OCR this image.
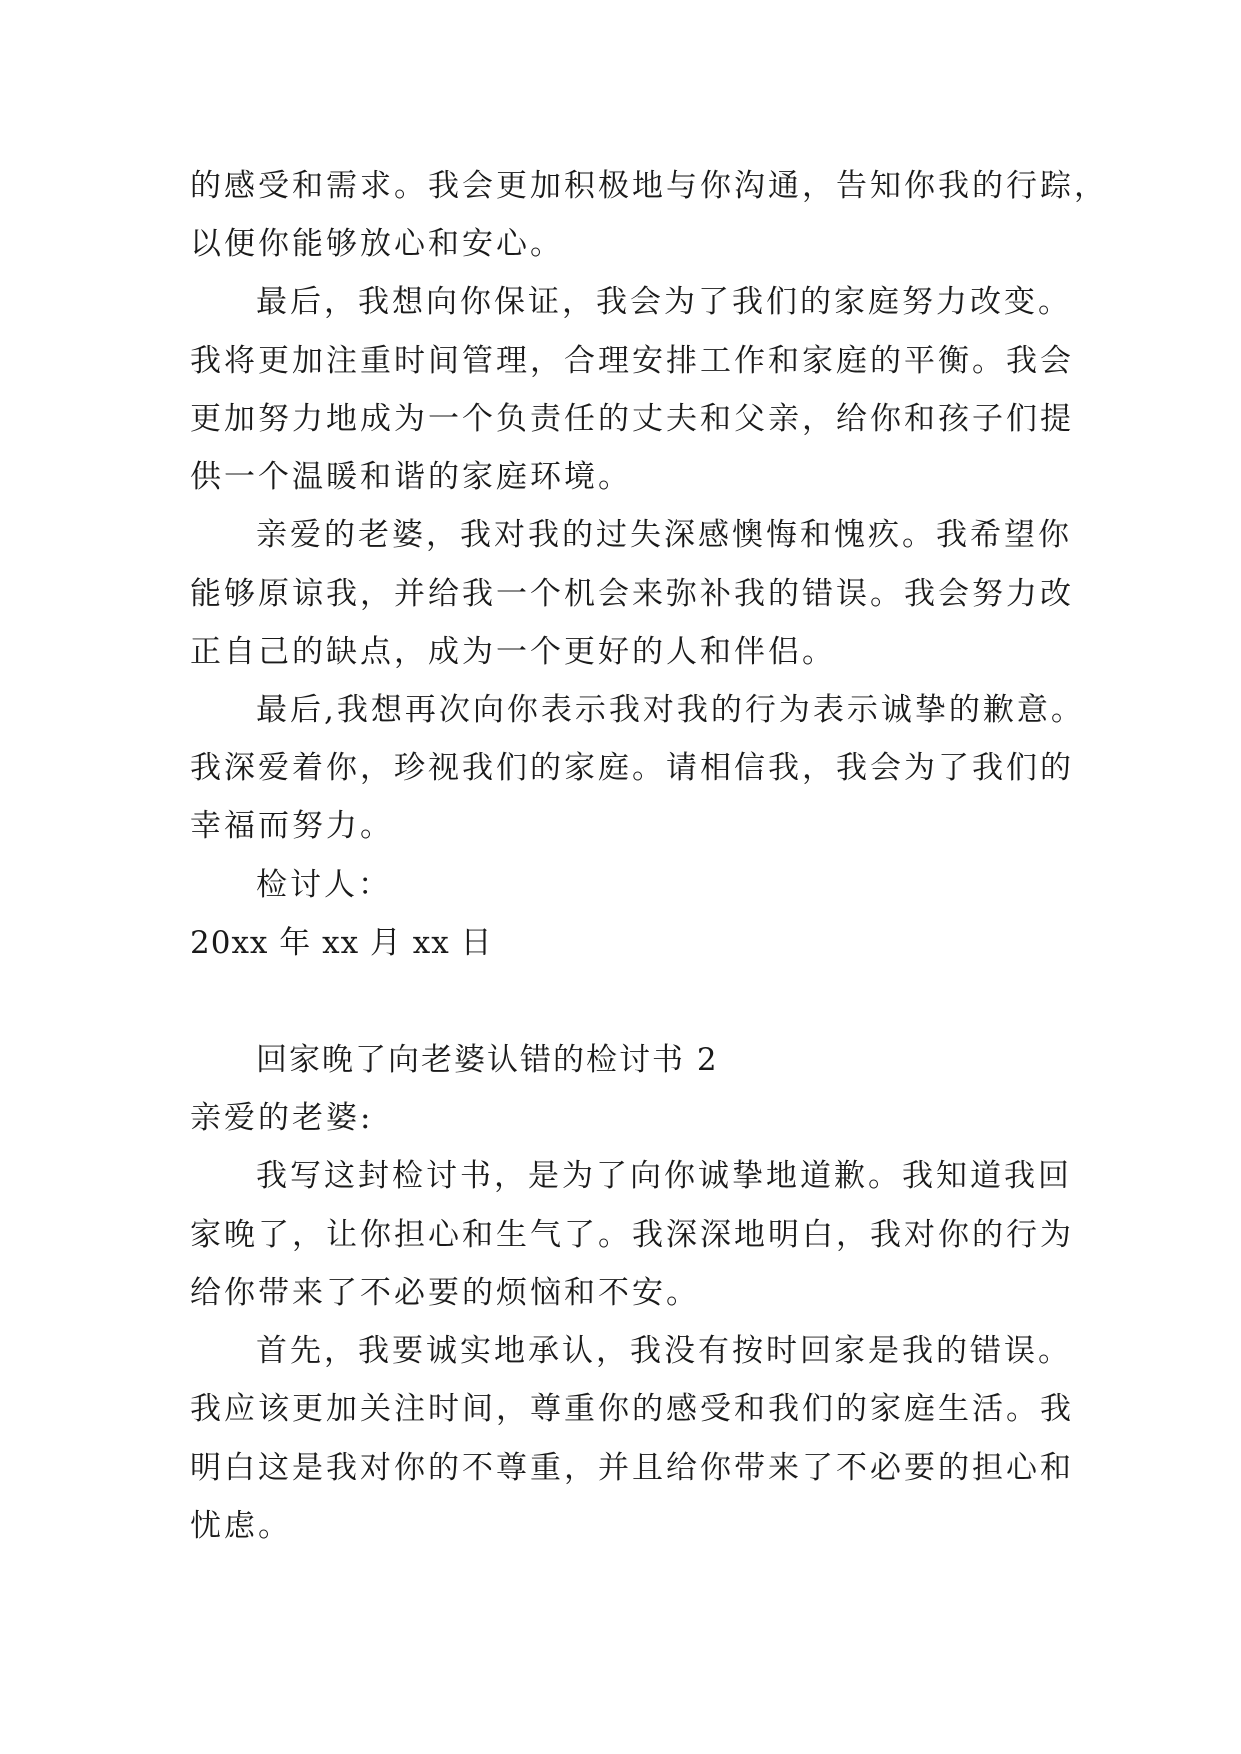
的感受和需求。我会更加积极地与你沟通，告知你我的行踪，
以便你能够放心和安心。
最后，我想向你保证，我会为了我们的家庭努力改变。
我将更加注重时间管理，合理安排工作和家庭的平衡。我会
更加努力地成为一个负责任的丈夫和父亲，给你和孩子们提
供一个温暖和谐的家庭环境。
亲爱的老婆，我对我的过失深感懊悔和愧疚。我希望你
能够原谅我，并给我一个机会来弥补我的错误。我会努力改
正自己的缺点，成为一个更好的人和伴侣。
最后,我想再次向你表示我对我的行为表示诚挚的歉意。
我深爱着你，珍视我们的家庭。请相信我，我会为了我们的
幸福而努力。
检讨人：
20xx 年 xx 月 xx 日
回家晚了向老婆认错的检讨书 2
亲爱的老婆:
我写这封检讨书，是为了向你诚挚地道歉。我知道我回
家晚了，让你担心和生气了。我深深地明白，我对你的行为
给你带来了不必要的烦恼和不安。
首先，我要诚实地承认，我没有按时回家是我的错误。
我应该更加关注时间，尊重你的感受和我们的家庭生活。我
明白这是我对你的不尊重，并且给你带来了不必要的担心和
忧虑。
